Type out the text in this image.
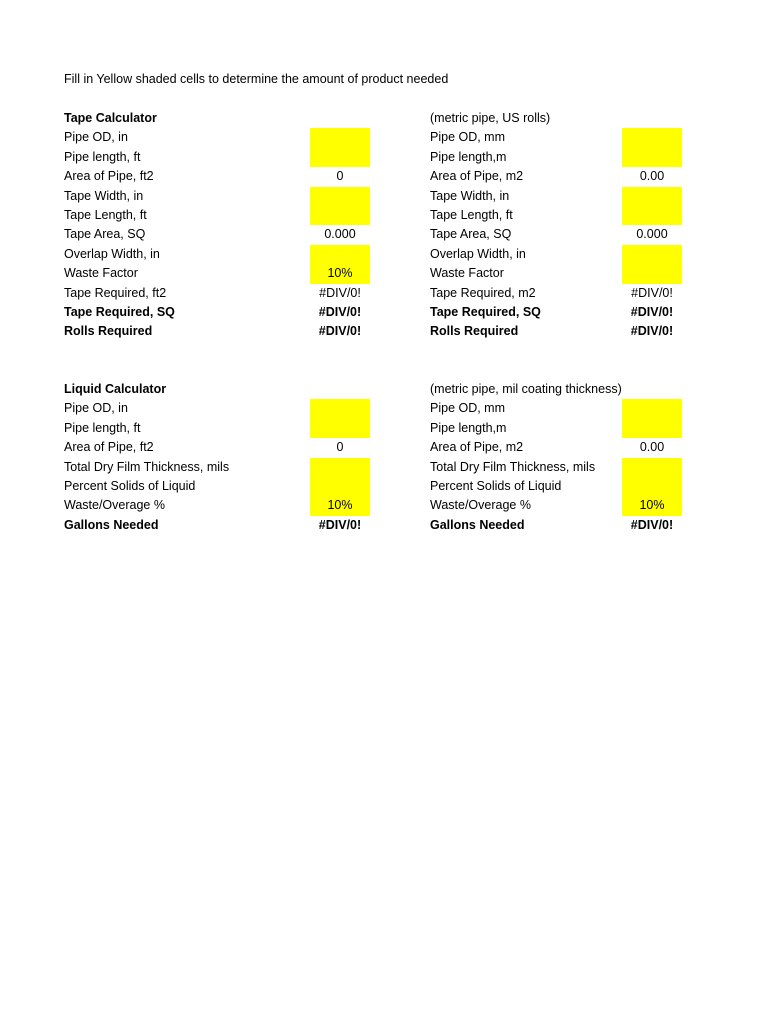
Fill in Yellow shaded cells to determine the amount of product needed
Tape Calculator
Pipe OD, in
Pipe length, ft
Area of Pipe, ft2	0
Tape Width, in
Tape Length, ft
Tape Area, SQ	0.000
Overlap Width, in
Waste Factor	10%
Tape Required, ft2	#DIV/0!
Tape Required, SQ	#DIV/0!
Rolls Required	#DIV/0!
(metric pipe, US rolls)
Pipe OD, mm
Pipe length,m
Area of Pipe, m2	0.00
Tape Width, in
Tape Length, ft
Tape Area, SQ	0.000
Overlap Width, in
Waste Factor
Tape Required, m2	#DIV/0!
Tape Required, SQ	#DIV/0!
Rolls Required	#DIV/0!
Liquid Calculator
Pipe OD, in
Pipe length, ft
Area of Pipe, ft2	0
Total Dry Film Thickness, mils
Percent Solids of Liquid
Waste/Overage %	10%
Gallons Needed	#DIV/0!
(metric pipe, mil coating thickness)
Pipe OD, mm
Pipe length,m
Area of Pipe, m2	0.00
Total Dry Film Thickness, mils
Percent Solids of Liquid
Waste/Overage %	10%
Gallons Needed	#DIV/0!
